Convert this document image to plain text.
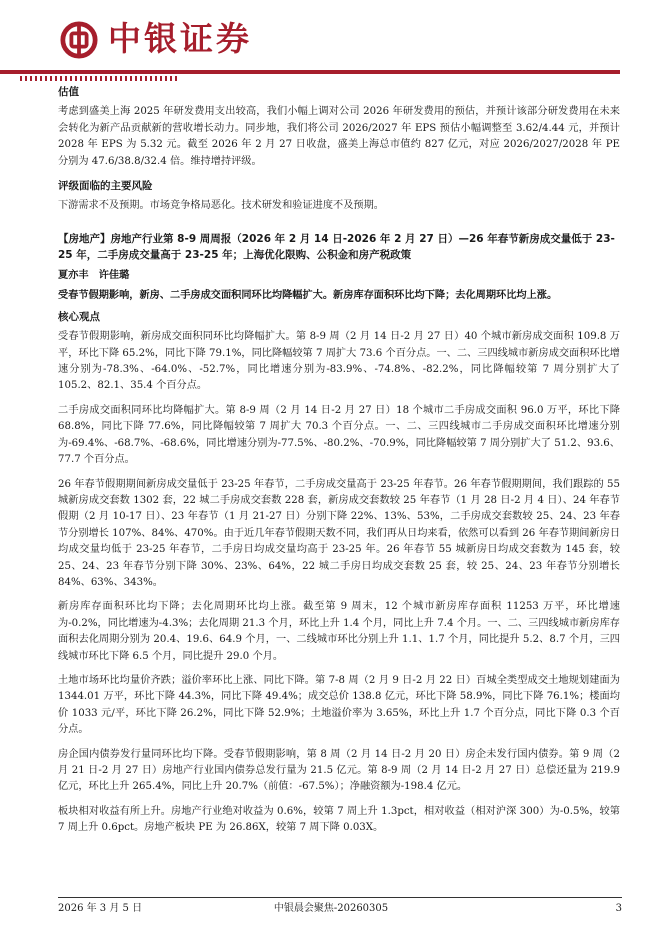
中银证券
估值

考虑到盛美上海 2025 年研发费用支出较高，我们小幅上调对公司 2026 年研发费用的预估，并预计该部分研发费用在未来会转化为新产品贡献新的营收增长动力。同步地，我们将公司 2026/2027 年 EPS 预估小幅调整至 3.62/4.44 元，并预计 2028 年 EPS 为 5.32 元。截至 2026 年 2 月 27 日收盘，盛美上海总市值约 827 亿元，对应 2026/2027/2028 年 PE 分别为 47.6/38.8/32.4 倍。维持增持评级。

评级面临的主要风险

下游需求不及预期。市场竞争格局恶化。技术研发和验证进度不及预期。

【房地产】房地产行业第 8-9 周周报（2026 年 2 月 14 日-2026 年 2 月 27 日）—26 年春节新房成交量低于 23-25 年，二手房成交量高于 23-25 年；上海优化限购、公积金和房产税政策
夏亦丰　许佳璐
受春节假期影响，新房、二手房成交面积同环比均降幅扩大。新房库存面积环比均下降；去化周期环比均上涨。
核心观点

受春节假期影响，新房成交面积同环比均降幅扩大。第 8-9 周（2 月 14 日-2 月 27 日）40 个城市新房成交面积 109.8 万平，环比下降 65.2%，同比下降 79.1%，同比降幅较第 7 周扩大 73.6 个百分点。一、二、三四线城市新房成交面积环比增速分别为-78.3%、-64.0%、-52.7%，同比增速分别为-83.9%、-74.8%、-82.2%，同比降幅较第 7 周分别扩大了 105.2、82.1、35.4 个百分点。

二手房成交面积同环比均降幅扩大。第 8-9 周（2 月 14 日-2 月 27 日）18 个城市二手房成交面积 96.0 万平，环比下降 68.8%，同比下降 77.6%，同比降幅较第 7 周扩大 70.3 个百分点。一、二、三四线城市二手房成交面积环比增速分别为-69.4%、-68.7%、-68.6%，同比增速分别为-77.5%、-80.2%、-70.9%，同比降幅较第 7 周分别扩大了 51.2、93.6、77.7 个百分点。

26 年春节假期期间新房成交量低于 23-25 年春节，二手房成交量高于 23-25 年春节。26 年春节假期期间，我们跟踪的 55 城新房成交套数 1302 套，22 城二手房成交套数 228 套，新房成交套数较 25 年春节（1 月 28 日-2 月 4 日）、24 年春节假期（2 月 10-17 日）、23 年春节（1 月 21-27 日）分别下降 22%、13%、53%，二手房成交套数较 25、24、23 年春节分别增长 107%、84%、470%。由于近几年春节假期天数不同，我们再从日均来看，依然可以看到 26 年春节期间新房日均成交量均低于 23-25 年春节，二手房日均成交量均高于 23-25 年。26 年春节 55 城新房日均成交套数为 145 套，较 25、24、23 年春节分别下降 30%、23%、64%，22 城二手房日均成交套数 25 套，较 25、24、23 年春节分别增长 84%、63%、343%。

新房库存面积环比均下降；去化周期环比均上涨。截至第 9 周末，12 个城市新房库存面积 11253 万平，环比增速为-0.2%，同比增速为-4.3%；去化周期 21.3 个月，环比上升 1.4 个月，同比上升 7.4 个月。一、二、三四线城市新房库存面积去化周期分别为 20.4、19.6、64.9 个月，一、二线城市环比分别上升 1.1、1.7 个月，同比提升 5.2、8.7 个月，三四线城市环比下降 6.5 个月，同比提升 29.0 个月。

土地市场环比均量价齐跌；溢价率环比上涨、同比下降。第 7-8 周（2 月 9 日-2 月 22 日）百城全类型成交土地规划建面为 1344.01 万平，环比下降 44.3%，同比下降 49.4%；成交总价 138.8 亿元，环比下降 58.9%，同比下降 76.1%；楼面均价 1033 元/平，环比下降 26.2%，同比下降 52.9%；土地溢价率为 3.65%，环比上升 1.7 个百分点，同比下降 0.3 个百分点。

房企国内债券发行量同环比均下降。受春节假期影响，第 8 周（2 月 14 日-2 月 20 日）房企未发行国内债券。第 9 周（2 月 21 日-2 月 27 日）房地产行业国内债券总发行量为 21.5 亿元。第 8-9 周（2 月 14 日-2 月 27 日）总偿还量为 219.9 亿元，环比上升 265.4%，同比上升 20.7%（前值：-67.5%）；净融资额为-198.4 亿元。

板块相对收益有所上升。房地产行业绝对收益为 0.6%，较第 7 周上升 1.3pct，相对收益（相对沪深 300）为-0.5%，较第 7 周上升 0.6pct。房地产板块 PE 为 26.86X，较第 7 周下降 0.03X。

2026 年 3 月 5 日	中银晨会聚焦-20260305	3
